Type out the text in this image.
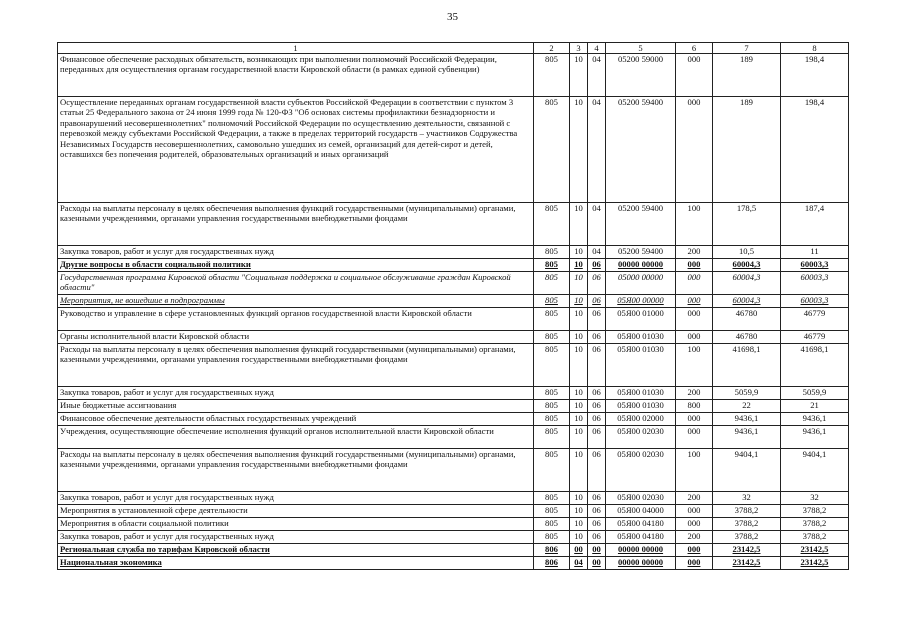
35
1	2	3	4	5	6	7	8
Финансовое обеспечение расходных обязательств, возникающих при выполнении полномочий Российской Федерации, переданных для осуществления органам государственной власти Кировской области (в рамках единой субвенции)	805	10	04	05200 59000	000	189	198,4
Осуществление переданных органам государственной власти субъектов Российской Федерации в соответствии с пунктом 3 статьи 25 Федерального закона от 24 июня 1999 года № 120-ФЗ "Об основах системы профилактики безнадзорности и правонарушений несовершеннолетних" полномочий Российской Федерации по осуществлению деятельности, связанной с перевозкой между субъектами Российской Федерации, а также в пределах территорий государств – участников Содружества Независимых Государств несовершеннолетних, самовольно ушедших из семей, организаций для детей-сирот и детей, оставшихся без попечения родителей, образовательных организаций и иных организаций	805	10	04	05200 59400	000	189	198,4
Расходы на выплаты персоналу в целях обеспечения выполнения функций государственными (муниципальными) органами, казенными учреждениями, органами управления государственными внебюджетными фондами	805	10	04	05200 59400	100	178,5	187,4
Закупка товаров, работ и услуг для государственных нужд	805	10	04	05200 59400	200	10,5	11
Другие вопросы в области социальной политики	805	10	06	00000 00000	000	60004,3	60003,3
Государственная программа Кировской области "Социальная поддержка и социальное обслуживание граждан Кировской области"	805	10	06	05000 00000	000	60004,3	60003,3
Мероприятия, не вошедшие в подпрограммы	805	10	06	05Я00 00000	000	60004,3	60003,3
Руководство и управление в сфере установленных функций органов государственной власти Кировской области	805	10	06	05Я00 01000	000	46780	46779
Органы исполнительной власти Кировской области	805	10	06	05Я00 01030	000	46780	46779
Расходы на выплаты персоналу в целях обеспечения выполнения функций государственными (муниципальными) органами, казенными учреждениями, органами управления государственными внебюджетными фондами	805	10	06	05Я00 01030	100	41698,1	41698,1
Закупка товаров, работ и услуг для государственных нужд	805	10	06	05Я00 01030	200	5059,9	5059,9
Иные бюджетные ассигнования	805	10	06	05Я00 01030	800	22	21
Финансовое обеспечение деятельности областных государственных учреждений	805	10	06	05Я00 02000	000	9436,1	9436,1
Учреждения, осуществляющие обеспечение исполнения функций органов исполнительной власти Кировской области	805	10	06	05Я00 02030	000	9436,1	9436,1
Расходы на выплаты персоналу в целях обеспечения выполнения функций государственными (муниципальными) органами, казенными учреждениями, органами управления государственными внебюджетными фондами	805	10	06	05Я00 02030	100	9404,1	9404,1
Закупка товаров, работ и услуг для государственных нужд	805	10	06	05Я00 02030	200	32	32
Мероприятия в установленной сфере деятельности	805	10	06	05Я00 04000	000	3788,2	3788,2
Мероприятия в области социальной политики	805	10	06	05Я00 04180	000	3788,2	3788,2
Закупка товаров, работ и услуг для государственных нужд	805	10	06	05Я00 04180	200	3788,2	3788,2
Региональная служба по тарифам Кировской области	806	00	00	00000 00000	000	23142,5	23142,5
Национальная экономика	806	04	00	00000 00000	000	23142,5	23142,5
